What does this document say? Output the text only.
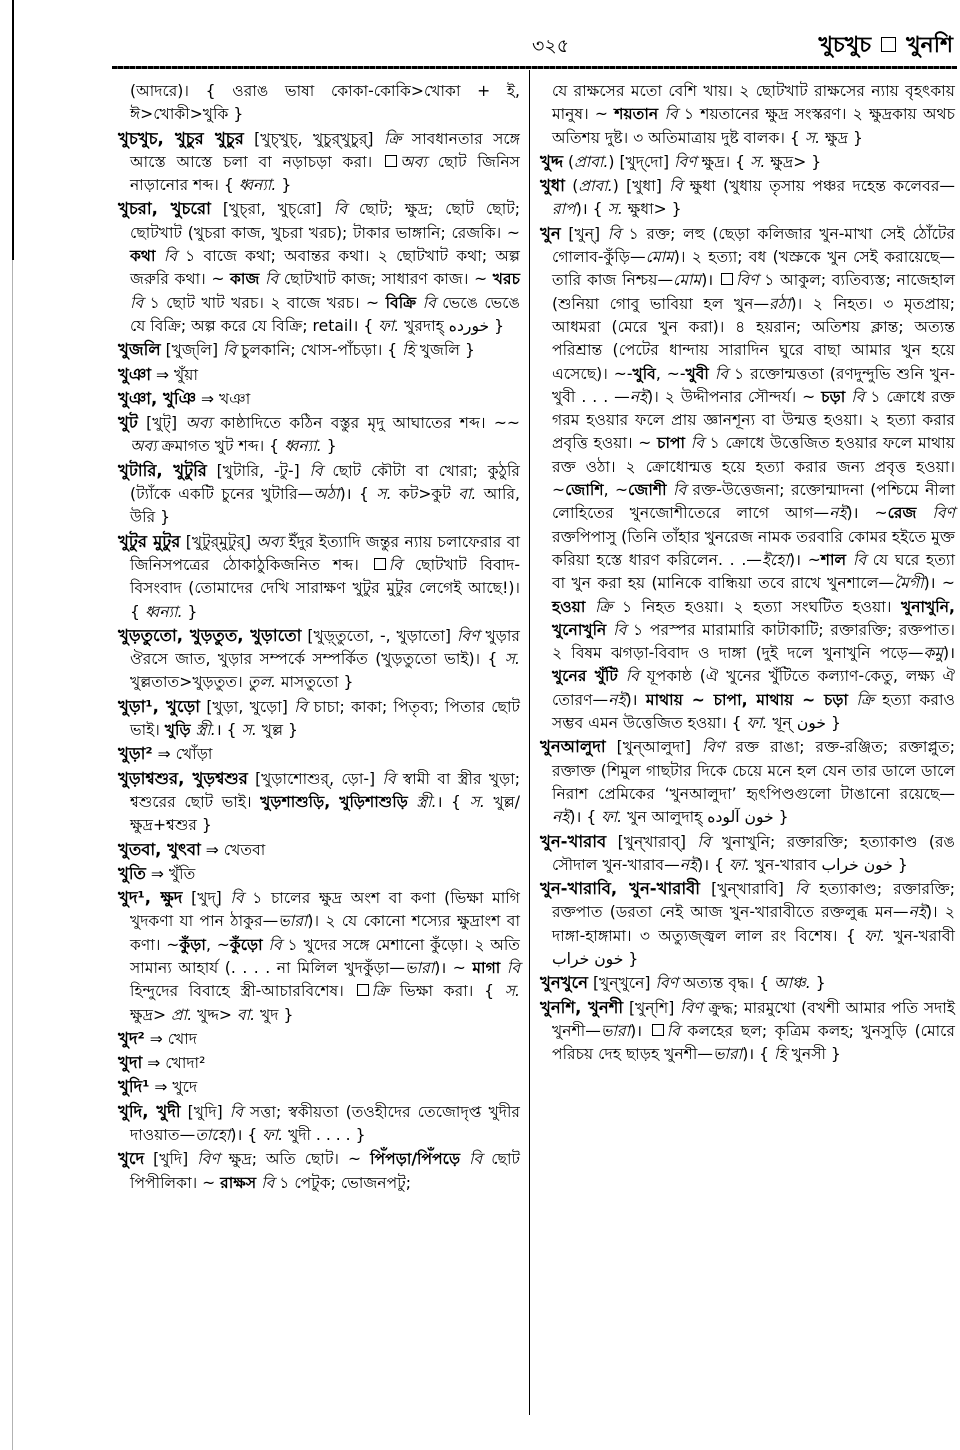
৩২৫	খুচখুচ খুনশি

(আদরে)। { ওরাঙ ভাষা কোকা-কোকি>খোকা + ই, ঈ>খোকী>খুকি }

খুচখুচ, খুচুর খুচুর [খুচ্‌খুচ্‌, খুচুর্‌খুচুর্‌] ক্রি সাবধানতার সঙ্গে আস্তে আস্তে চলা বা নড়াচড়া করা। অব্য ছোট জিনিস নাড়ানোর শব্দ। { ধ্বন্যা. }

খুচরা, খুচরো [খুচ্‌রা, খুচ্‌রো] বি ছোট; ক্ষুদ্র; ছোট ছোট; ছোটখাট (খুচরা কাজ, খুচরা খরচ); টাকার ভাঙ্গানি; রেজকি। ~ কথা বি ১ বাজে কথা; অবান্তর কথা। ২ ছোটখাট কথা; অল্প জরুরি কথা। ~ কাজ বি ছোটখাট কাজ; সাধারণ কাজ। ~ খরচ বি ১ ছোট খাট খরচ। ২ বাজে খরচ। ~ বিক্রি বি ভেঙে ভেঙে যে বিক্রি; অল্প করে যে বিক্রি; retail। { ফা. খুরদাহ্‌ خورده }

খুজলি [খুজ্‌লি] বি চুলকানি; খোস-পাঁচড়া। { হি খুজলি }

খুঞা ⇒ খুঁয়া

খুঞা, খুঞি ⇒ খঞা

খুট [খুট্‌] অব্য কাষ্ঠাদিতে কঠিন বস্তুর মৃদু আঘাতের শব্দ। ~~ অব্য ক্রমাগত খুট শব্দ। { ধ্বন্যা. }

খুটারি, খুটুরি [খুটারি, -টু-] বি ছোট কৌটা বা খোরা; কুঠুরি (ট্যাঁকে একটি চুনের খুটারি—অঠা)। { স. কট>কুট বা. আরি, উরি }

খুটুর মুটুর [খুটুর্‌মুটুর্‌] অব্য ইঁদুর ইত্যাদি জন্তুর ন্যায় চলাফেরার বা জিনিসপত্রের ঠোকাঠুকিজনিত শব্দ। বি ছোটখাট বিবাদ-বিসংবাদ (তোমাদের দেখি সারাক্ষণ খুটুর মুটুর লেগেই আছে!)। { ধ্বন্যা. }

খুড়তুতো, খুড়তুত, খুড়াতো [খুড়্‌তুতো, -, খুড়াতো] বিণ খুড়ার ঔরসে জাত, খুড়ার সম্পর্কে সম্পর্কিত (খুড়তুতো ভাই)। { স. খুল্লতাত>খুড়তুত। তুল. মাসতুতো }

খুড়া¹, খুড়ো [খুড়া, খুড়ো] বি চাচা; কাকা; পিতৃব্য; পিতার ছোট ভাই। খুড়ি স্ত্রী.। { স. খুল্ল }

খুড়া² ⇒ খোঁড়া

খুড়াশ্বশুর, খুড়শ্বশুর [খুড়াশোশুর্‌, ড়ো-] বি স্বামী বা স্ত্রীর খুড়া; শ্বশুরের ছোট ভাই। খুড়শাশুড়ি, খুড়িশাশুড়ি স্ত্রী.। { স. খুল্ল/ক্ষুদ্র+শ্বশুর }

খুতবা, খুৎবা ⇒ খেতবা

খুতি ⇒ খুঁতি

খুদ¹, ক্ষুদ [খুদ্‌] বি ১ চালের ক্ষুদ্র অংশ বা কণা (ভিক্ষা মাগি খুদকণা যা পান ঠাকুর—ভারা)। ২ যে কোনো শস্যের ক্ষুদ্রাংশ বা কণা। ~কুঁড়া, ~কুঁড়ো বি ১ খুদের সঙ্গে মেশানো কুঁড়ো। ২ অতি সামান্য আহার্য (. . . . না মিলিল খুদকুঁড়া—ভারা)। ~ মাগা বি হিন্দুদের বিবাহে স্ত্রী-আচারবিশেষ। ক্রি ভিক্ষা করা। { স. ক্ষুদ্র> প্রা. খুদ্দ> বা. খুদ }

খুদ² ⇒ খোদ

খুদা ⇒ খোদা²

খুদি¹ ⇒ খুদে

খুদি, খুদী [খুদি] বি সত্তা; স্বকীয়তা (তওহীদের তেজোদৃপ্ত খুদীর দাওয়াত—তাহো)। { ফা. খুদী . . . . }

খুদে [খুদি] বিণ ক্ষুদ্র; অতি ছোট। ~ পিঁপড়া/পিঁপড়ে বি ছোট পিপীলিকা। ~ রাক্ষস বি ১ পেটুক; ভোজনপটু;

যে রাক্ষসের মতো বেশি খায়। ২ ছোটখাট রাক্ষসের ন্যায় বৃহৎকায় মানুষ। ~ শয়তান বি ১ শয়তানের ক্ষুদ্র সংস্করণ। ২ ক্ষুদ্রকায় অথচ অতিশয় দুষ্ট। ৩ অতিমাত্রায় দুষ্ট বালক। { স. ক্ষুদ্র }

খুদ্দ (প্রাবা.) [খুদ্‌দো] বিণ ক্ষুদ্র। { স. ক্ষুদ্র> }

খুধা (প্রাবা.) [খুধা] বি ক্ষুধা (খুধায় তৃসায় পঞ্চর দহেন্ত কলেবর—রাপ)। { স. ক্ষুধা> }

খুন [খুন্‌] বি ১ রক্ত; লহু (ছেড়া কলিজার খুন-মাখা সেই ঠোঁটের গোলাব-কুঁড়ি—মোম)। ২ হত্যা; বধ (খস্রুকে খুন সেই করায়েছে—তারি কাজ নিশ্চয়—মোম)। বিণ ১ আকুল; ব্যতিব্যস্ত; নাজেহাল (শুনিয়া গোবু ভাবিয়া হল খুন—রঠা)। ২ নিহত। ৩ মৃতপ্রায়; আধমরা (মেরে খুন করা)। ৪ হয়রান; অতিশয় ক্লান্ত; অত্যন্ত পরিশ্রান্ত (পেটের ধান্দায় সারাদিন ঘুরে বাছা আমার খুন হয়ে এসেছে)। ~-খুবি, ~-খুবী বি ১ রক্তোন্মত্ততা (রণদুন্দুভি শুনি খুন-খুবী . . . —নই)। ২ উদ্দীপনার সৌন্দর্য। ~ চড়া বি ১ ক্রোধে রক্ত গরম হওয়ার ফলে প্রায় জ্ঞানশূন্য বা উন্মত্ত হওয়া। ২ হত্যা করার প্রবৃত্তি হওয়া। ~ চাপা বি ১ ক্রোধে উত্তেজিত হওয়ার ফলে মাথায় রক্ত ওঠা। ২ ক্রোধোন্মত্ত হয়ে হত্যা করার জন্য প্রবৃত্ত হওয়া। ~জোশি, ~জোশী বি রক্ত-উত্তেজনা; রক্তোন্মাদনা (পশ্চিমে নীলা লোহিতের খুনজোশীতেরে লাগে আগ—নই)। ~রেজ বিণ রক্তপিপাসু (তিনি তাঁহার খুনরেজ নামক তরবারি কোমর হইতে মুক্ত করিয়া হস্তে ধারণ করিলেন. . .—ইহো)। ~শাল বি যে ঘরে হত্যা বা খুন করা হয় (মানিকে বান্ধিয়া তবে রাখে খুনশালে—মৈগী)। ~ হওয়া ক্রি ১ নিহত হওয়া। ২ হত্যা সংঘটিত হওয়া। খুনাখুনি, খুনোখুনি বি ১ পরস্পর মারামারি কাটাকাটি; রক্তারক্তি; রক্তপাত। ২ বিষম ঝগড়া-বিবাদ ও দাঙ্গা (দুই দলে খুনাখুনি পড়ে—কমু)। খুনের খুঁটি বি যূপকাষ্ঠ (ঐ খুনের খুঁটিতে কল্যাণ-কেতু, লক্ষ্য ঐ তোরণ—নই)। মাথায় ~ চাপা, মাথায় ~ চড়া ক্রি হত্যা করাও সম্ভব এমন উত্তেজিত হওয়া। { ফা. খূন্‌ خون }

খুনআলুদা [খুন্‌আলুদা] বিণ রক্ত রাঙা; রক্ত-রঞ্জিত; রক্তাপ্লুত; রক্তাক্ত (শিমুল গাছটার দিকে চেয়ে মনে হল যেন তার ডালে ডালে নিরাশ প্রেমিকের ‘খুনআলুদা’ হৃৎপিণ্ডগুলো টাঙানো রয়েছে—নই)। { ফা. খুন আলুদাহ্‌ خون آلوده }

খুন-খারাব [খুন্‌খারাব্‌] বি খুনাখুনি; রক্তারক্তি; হত্যাকাণ্ড (রঙ সৌদাল খুন-খারাব—নই)। { ফা. খুন-খারাব خون خراب }

খুন-খারাবি, খুন-খারাবী [খুন্‌খারাবি] বি হত্যাকাণ্ড; রক্তারক্তি; রক্তপাত (ডরতা নেই আজ খুন-খারাবীতে রক্তলুব্ধ মন—নই)। ২ দাঙ্গা-হাঙ্গামা। ৩ অত্যুজ্জ্বল লাল রং বিশেষ। { ফা. খুন-খরাবী خون خراب }

খুনখুনে [খুন্‌খুনে] বিণ অত্যন্ত বৃদ্ধ। { আঞ্চ. }

খুনশি, খুনশী [খুন্‌শি] বিণ ক্রুদ্ধ; মারমুখো (বখশী আমার পতি সদাই খুনশী—ভারা)। বি কলহের ছল; কৃত্রিম কলহ; খুনসুড়ি (মোরে পরিচয় দেহ ছাড়হ খুনশী—ভারা)। { হি খুনসী }
